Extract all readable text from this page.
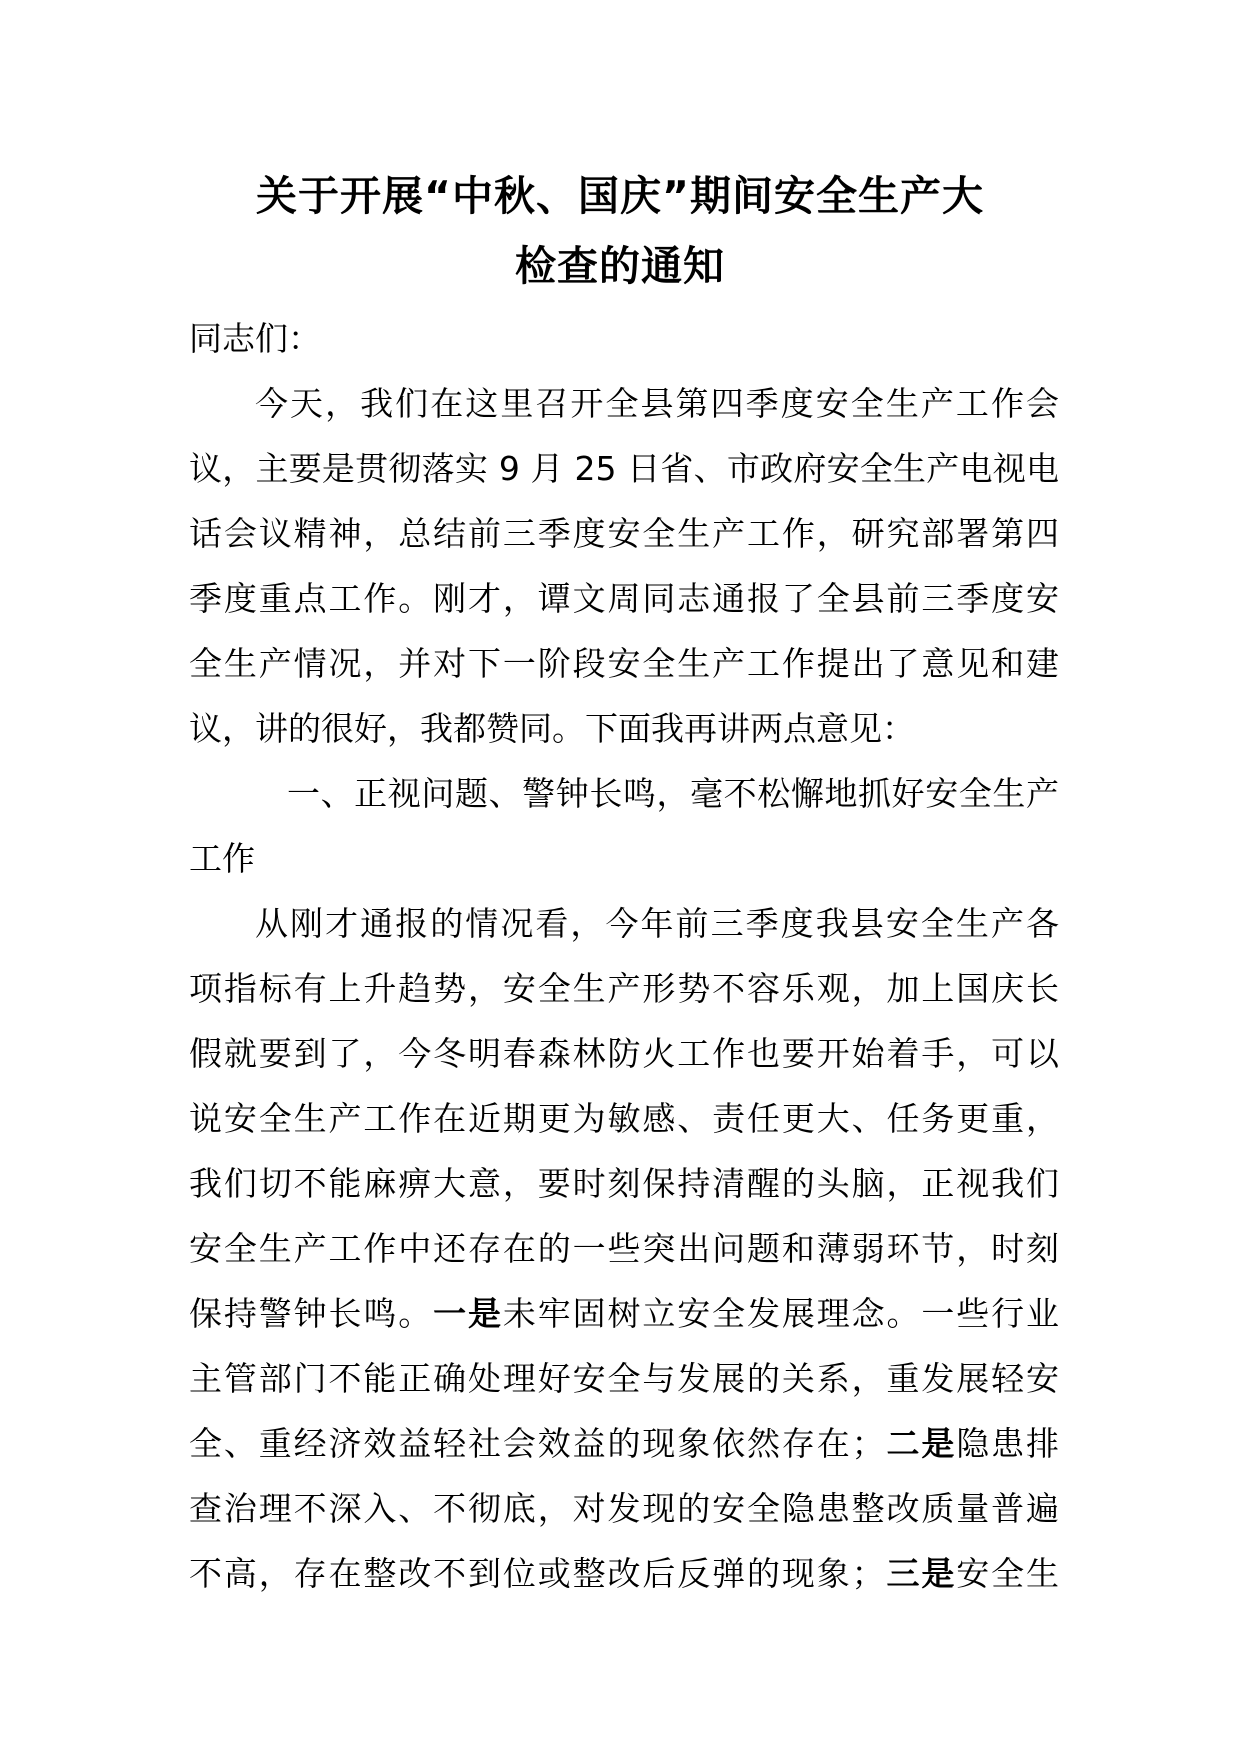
关于开展“中秋、国庆”期间安全生产大
检查的通知
同志们：
今天，我们在这里召开全县第四季度安全生产工作会
议，主要是贯彻落实 9 月 25 日省、市政府安全生产电视电
话会议精神，总结前三季度安全生产工作，研究部署第四
季度重点工作。刚才，谭文周同志通报了全县前三季度安
全生产情况，并对下一阶段安全生产工作提出了意见和建
议，讲的很好，我都赞同。下面我再讲两点意见：
一、正视问题、警钟长鸣，毫不松懈地抓好安全生产
工作
从刚才通报的情况看，今年前三季度我县安全生产各
项指标有上升趋势，安全生产形势不容乐观，加上国庆长
假就要到了，今冬明春森林防火工作也要开始着手，可以
说安全生产工作在近期更为敏感、责任更大、任务更重，
我们切不能麻痹大意，要时刻保持清醒的头脑，正视我们
安全生产工作中还存在的一些突出问题和薄弱环节，时刻
保持警钟长鸣。一是未牢固树立安全发展理念。一些行业
主管部门不能正确处理好安全与发展的关系，重发展轻安
全、重经济效益轻社会效益的现象依然存在；二是隐患排
查治理不深入、不彻底，对发现的安全隐患整改质量普遍
不高，存在整改不到位或整改后反弹的现象；三是安全生
